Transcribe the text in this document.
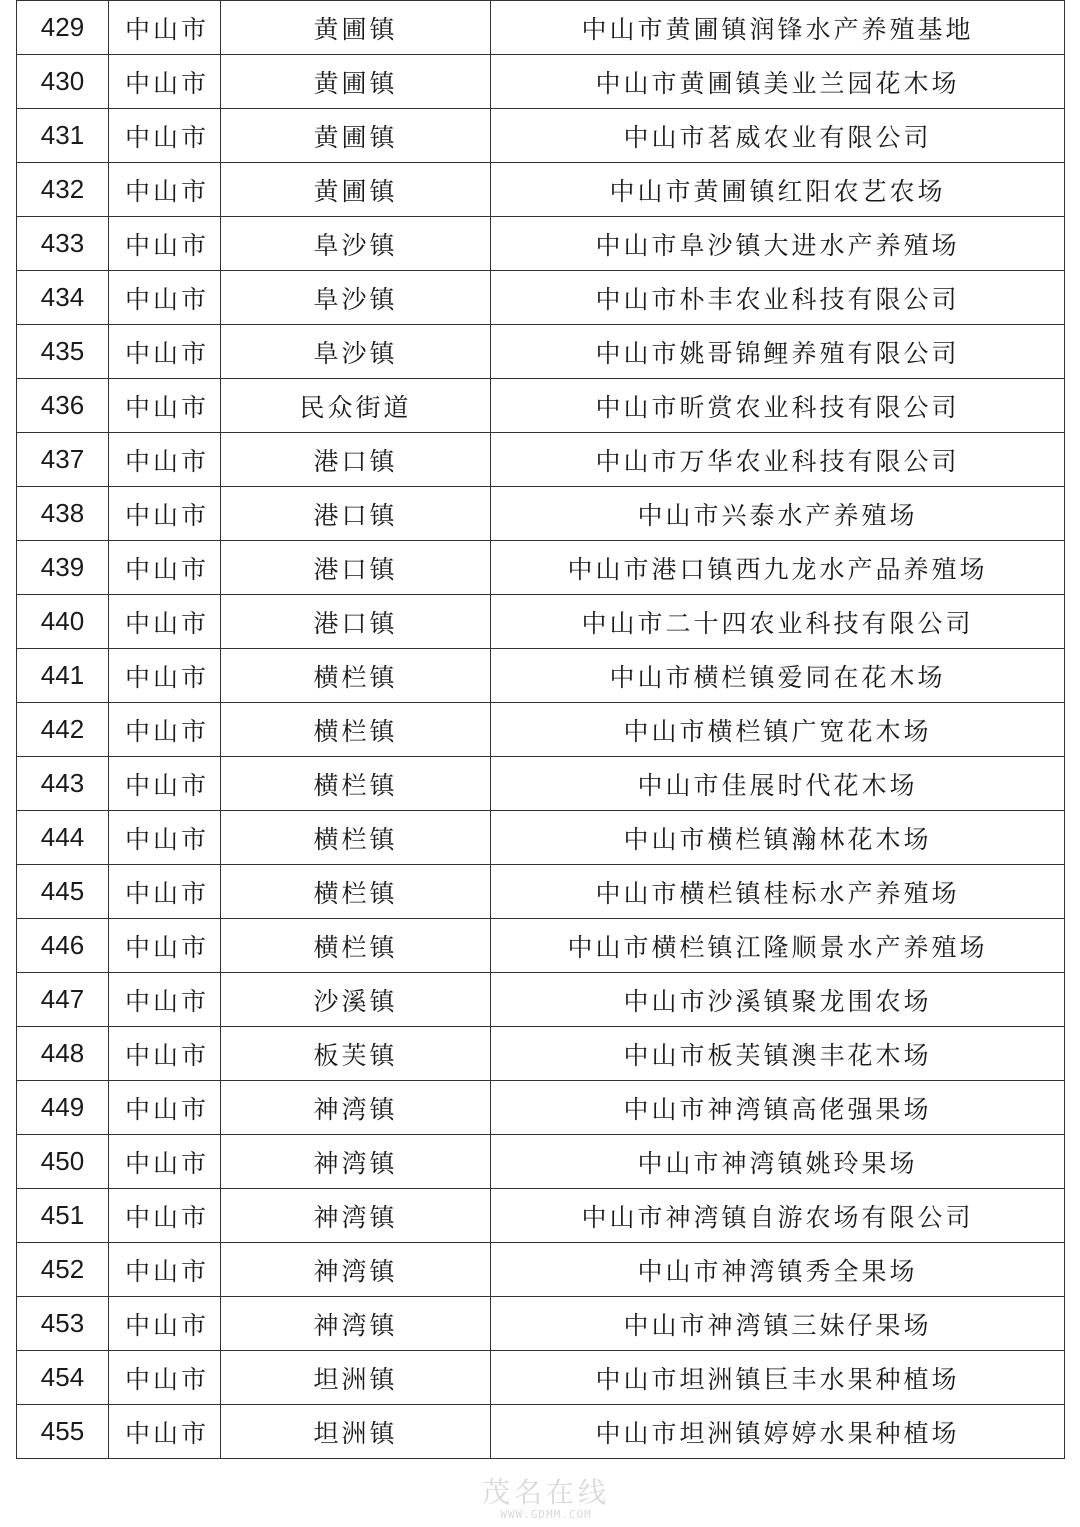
429	中山市	黄圃镇	中山市黄圃镇润锋水产养殖基地
430	中山市	黄圃镇	中山市黄圃镇美业兰园花木场
431	中山市	黄圃镇	中山市茗威农业有限公司
432	中山市	黄圃镇	中山市黄圃镇红阳农艺农场
433	中山市	阜沙镇	中山市阜沙镇大进水产养殖场
434	中山市	阜沙镇	中山市朴丰农业科技有限公司
435	中山市	阜沙镇	中山市姚哥锦鲤养殖有限公司
436	中山市	民众街道	中山市昕赏农业科技有限公司
437	中山市	港口镇	中山市万华农业科技有限公司
438	中山市	港口镇	中山市兴泰水产养殖场
439	中山市	港口镇	中山市港口镇西九龙水产品养殖场
440	中山市	港口镇	中山市二十四农业科技有限公司
441	中山市	横栏镇	中山市横栏镇爱同在花木场
442	中山市	横栏镇	中山市横栏镇广宽花木场
443	中山市	横栏镇	中山市佳展时代花木场
444	中山市	横栏镇	中山市横栏镇瀚林花木场
445	中山市	横栏镇	中山市横栏镇桂标水产养殖场
446	中山市	横栏镇	中山市横栏镇江隆顺景水产养殖场
447	中山市	沙溪镇	中山市沙溪镇聚龙围农场
448	中山市	板芙镇	中山市板芙镇澳丰花木场
449	中山市	神湾镇	中山市神湾镇高佬强果场
450	中山市	神湾镇	中山市神湾镇姚玲果场
451	中山市	神湾镇	中山市神湾镇自游农场有限公司
452	中山市	神湾镇	中山市神湾镇秀全果场
453	中山市	神湾镇	中山市神湾镇三妹仔果场
454	中山市	坦洲镇	中山市坦洲镇巨丰水果种植场
455	中山市	坦洲镇	中山市坦洲镇婷婷水果种植场
茂名在线
WWW.GDMM.COM
